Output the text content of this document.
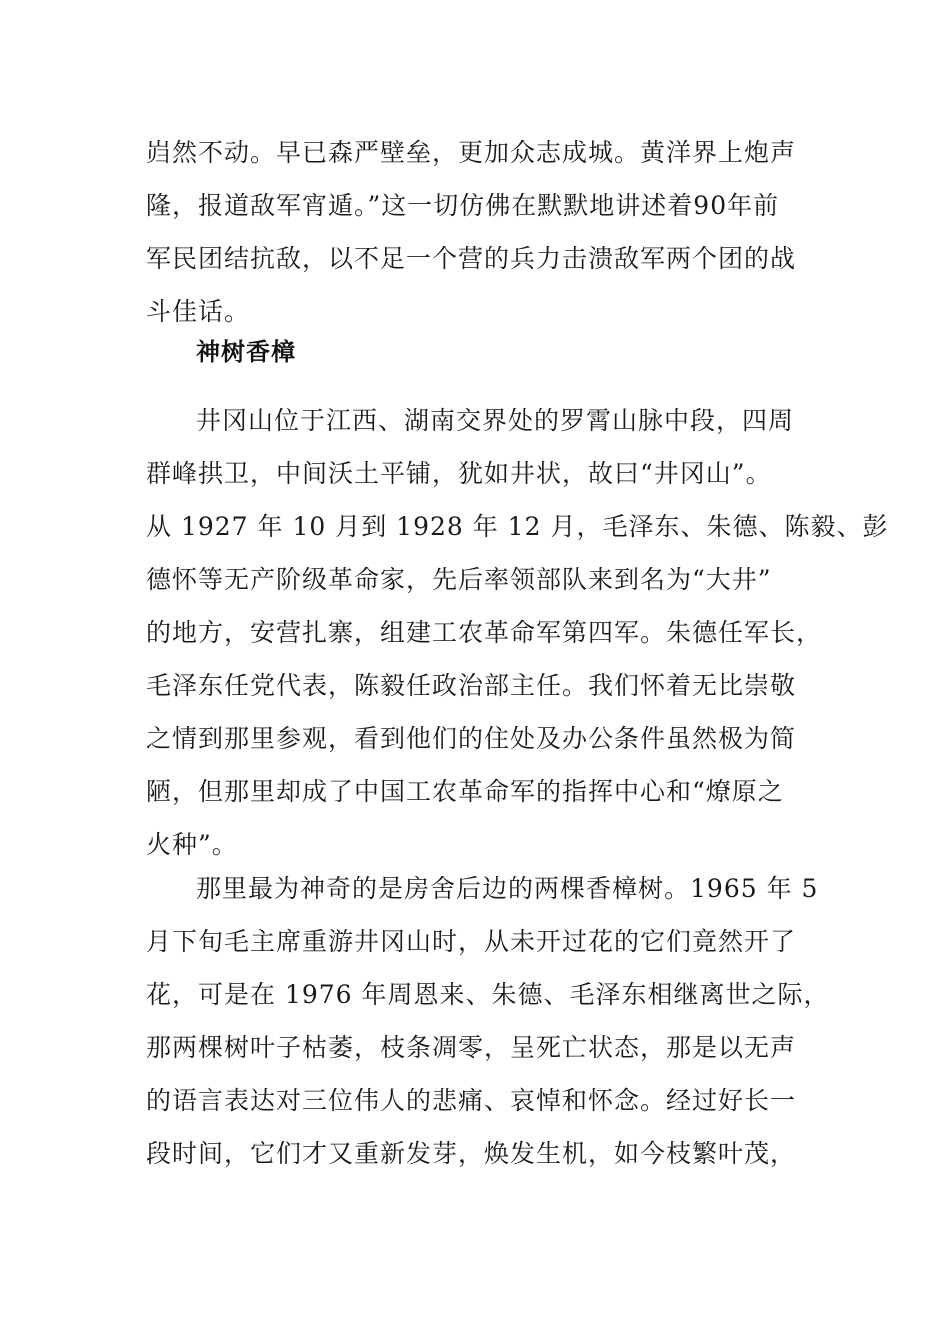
岿然不动。早已森严壁垒，更加众志成城。黄洋界上炮声
隆，报道敌军宵遁。”这一切仿佛在默默地讲述着90年前
军民团结抗敌，以不足一个营的兵力击溃敌军两个团的战
斗佳话。
神树香樟
井冈山位于江西、湖南交界处的罗霄山脉中段，四周
群峰拱卫，中间沃土平铺，犹如井状，故曰“井冈山”。
从 1927 年 10 月到 1928 年 12 月，毛泽东、朱德、陈毅、彭
德怀等无产阶级革命家，先后率领部队来到名为“大井”
的地方，安营扎寨，组建工农革命军第四军。朱德任军长，
毛泽东任党代表，陈毅任政治部主任。我们怀着无比崇敬
之情到那里参观，看到他们的住处及办公条件虽然极为简
陋，但那里却成了中国工农革命军的指挥中心和“燎原之
火种”。
那里最为神奇的是房舍后边的两棵香樟树。1965 年 5
月下旬毛主席重游井冈山时，从未开过花的它们竟然开了
花，可是在 1976 年周恩来、朱德、毛泽东相继离世之际，
那两棵树叶子枯萎，枝条凋零，呈死亡状态，那是以无声
的语言表达对三位伟人的悲痛、哀悼和怀念。经过好长一
段时间，它们才又重新发芽，焕发生机，如今枝繁叶茂，
